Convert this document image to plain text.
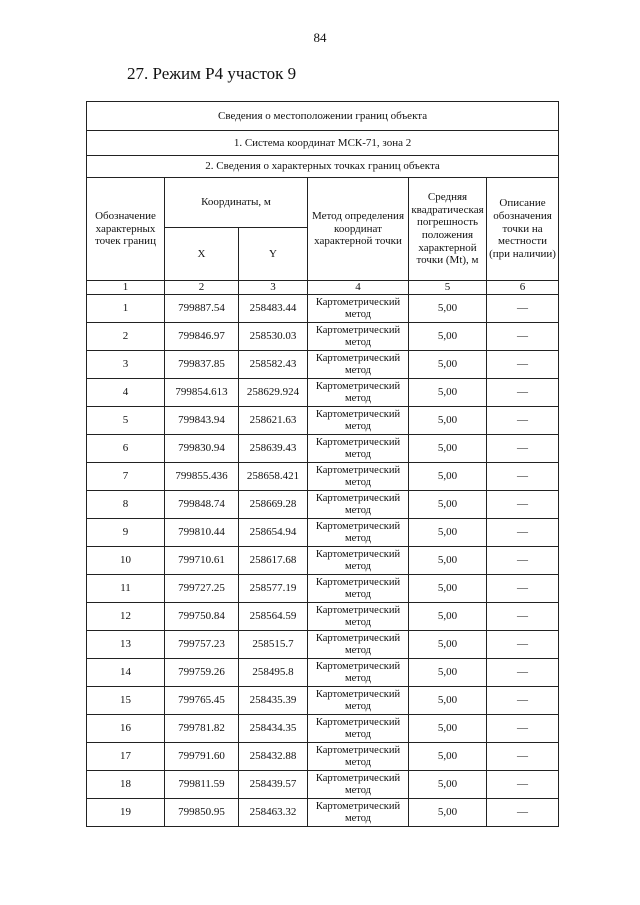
84
27. Режим Р4 участок 9
Сведения о местоположении границ объекта					
1. Система координат МСК-71, зона 2					
2. Сведения о характерных точках границ объекта					
Обозначение характерных точек границ	Координаты, м		Метод определения координат характерной точки	Средняя квадратическая погрешность положения характерной точки (Mt), м	Описание обозначения точки на местности (при наличии)
	X	Y			
1	2	3	4	5	6
1	799887.54	258483.44	Картометрический метод	5,00	—
2	799846.97	258530.03	Картометрический метод	5,00	—
3	799837.85	258582.43	Картометрический метод	5,00	—
4	799854.613	258629.924	Картометрический метод	5,00	—
5	799843.94	258621.63	Картометрический метод	5,00	—
6	799830.94	258639.43	Картометрический метод	5,00	—
7	799855.436	258658.421	Картометрический метод	5,00	—
8	799848.74	258669.28	Картометрический метод	5,00	—
9	799810.44	258654.94	Картометрический метод	5,00	—
10	799710.61	258617.68	Картометрический метод	5,00	—
11	799727.25	258577.19	Картометрический метод	5,00	—
12	799750.84	258564.59	Картометрический метод	5,00	—
13	799757.23	258515.7	Картометрический метод	5,00	—
14	799759.26	258495.8	Картометрический метод	5,00	—
15	799765.45	258435.39	Картометрический метод	5,00	—
16	799781.82	258434.35	Картометрический метод	5,00	—
17	799791.60	258432.88	Картометрический метод	5,00	—
18	799811.59	258439.57	Картометрический метод	5,00	—
19	799850.95	258463.32	Картометрический метод	5,00	—
